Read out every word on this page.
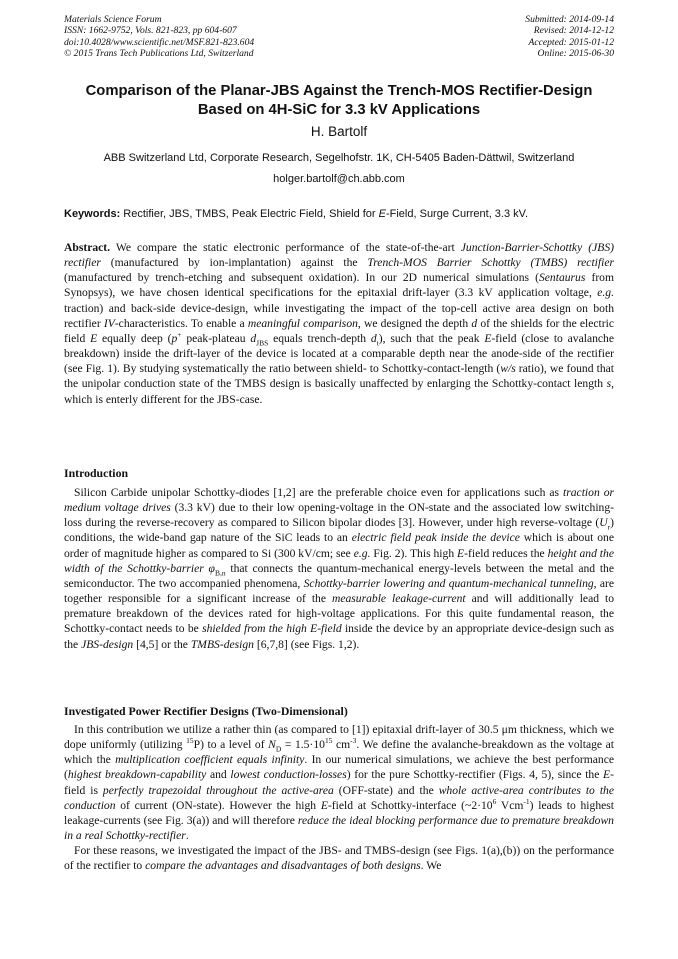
Materials Science Forum
ISSN: 1662-9752, Vols. 821-823, pp 604-607
doi:10.4028/www.scientific.net/MSF.821-823.604
© 2015 Trans Tech Publications Ltd, Switzerland
Submitted: 2014-09-14
Revised: 2014-12-12
Accepted: 2015-01-12
Online: 2015-06-30
Comparison of the Planar-JBS Against the Trench-MOS Rectifier-Design
Based on 4H-SiC for 3.3 kV Applications
H. Bartolf
ABB Switzerland Ltd, Corporate Research, Segelhofstr. 1K, CH-5405 Baden-Dättwil, Switzerland
holger.bartolf@ch.abb.com
Keywords: Rectifier, JBS, TMBS, Peak Electric Field, Shield for E-Field, Surge Current, 3.3 kV.

Abstract. We compare the static electronic performance of the state-of-the-art Junction-Barrier-Schottky (JBS) rectifier (manufactured by ion-implantation) against the Trench-MOS Barrier Schottky (TMBS) rectifier (manufactured by trench-etching and subsequent oxidation). In our 2D numerical simulations (Sentaurus from Synopsys), we have chosen identical specifications for the epitaxial drift-layer (3.3 kV application voltage, e.g. traction) and back-side device-design, while investigating the impact of the top-cell active area design on both rectifier IV-characteristics. To enable a meaningful comparison, we designed the depth d of the shields for the electric field E equally deep (p+ peak-plateau $d_{JBS}$ equals trench-depth $d_t$), such that the peak E-field (close to avalanche breakdown) inside the drift-layer of the device is located at a comparable depth near the anode-side of the rectifier (see Fig. 1). By studying systematically the ratio between shield- to Schottky-contact-length (w/s ratio), we found that the unipolar conduction state of the TMBS design is basically unaffected by enlarging the Schottky-contact length s, which is enterly different for the JBS-case.

Introduction

Silicon Carbide unipolar Schottky-diodes [1,2] are the preferable choice even for applications such as traction or medium voltage drives (3.3 kV) due to their low opening-voltage in the ON-state and the associated low switching-loss during the reverse-recovery as compared to Silicon bipolar diodes [3]. However, under high reverse-voltage $(U_r)$ conditions, the wide-band gap nature of the SiC leads to an electric field peak inside the device which is about one order of magnitude higher as compared to Si (300 kV/cm; see e.g. Fig. 2). This high E-field reduces the height and the width of the Schottky-barrier $\varphi_{B,n}$ that connects the quantum-mechanical energy-levels between the metal and the semiconductor. The two accompanied phenomena, Schottky-barrier lowering and quantum-mechanical tunneling, are together responsible for a significant increase of the measurable leakage-current and will additionally lead to premature breakdown of the devices rated for high-voltage applications. For this quite fundamental reason, the Schottky-contact needs to be shielded from the high E-field inside the device by an appropriate device-design such as the JBS-design [4,5] or the TMBS-design [6,7,8] (see Figs. 1,2).

Investigated Power Rectifier Designs (Two-Dimensional)

In this contribution we utilize a rather thin (as compared to [1]) epitaxial drift-layer of 30.5 μm thickness, which we dope uniformly (utilizing $^{15}$P) to a level of $N_D = 1.5\cdot 10^{15}$ $cm^{-3}$. We define the avalanche-breakdown as the voltage at which the multiplication coefficient equals infinity. In our numerical simulations, we achieve the best performance (highest breakdown-capability and lowest conduction-losses) for the pure Schottky-rectifier (Figs. 4, 5), since the E-field is perfectly trapezoidal throughout the active-area (OFF-state) and the whole active-area contributes to the conduction of current (ON-state). However the high E-field at Schottky-interface ($\sim 2\cdot 10^6$ Vcm$^{-1}$) leads to highest leakage-currents (see Fig. 3(a)) and will therefore reduce the ideal blocking performance due to premature breakdown in a real Schottky-rectifier.

For these reasons, we investigated the impact of the JBS- and TMBS-design (see Figs. 1(a),(b)) on the performance of the rectifier to compare the advantages and disadvantages of both designs. We
